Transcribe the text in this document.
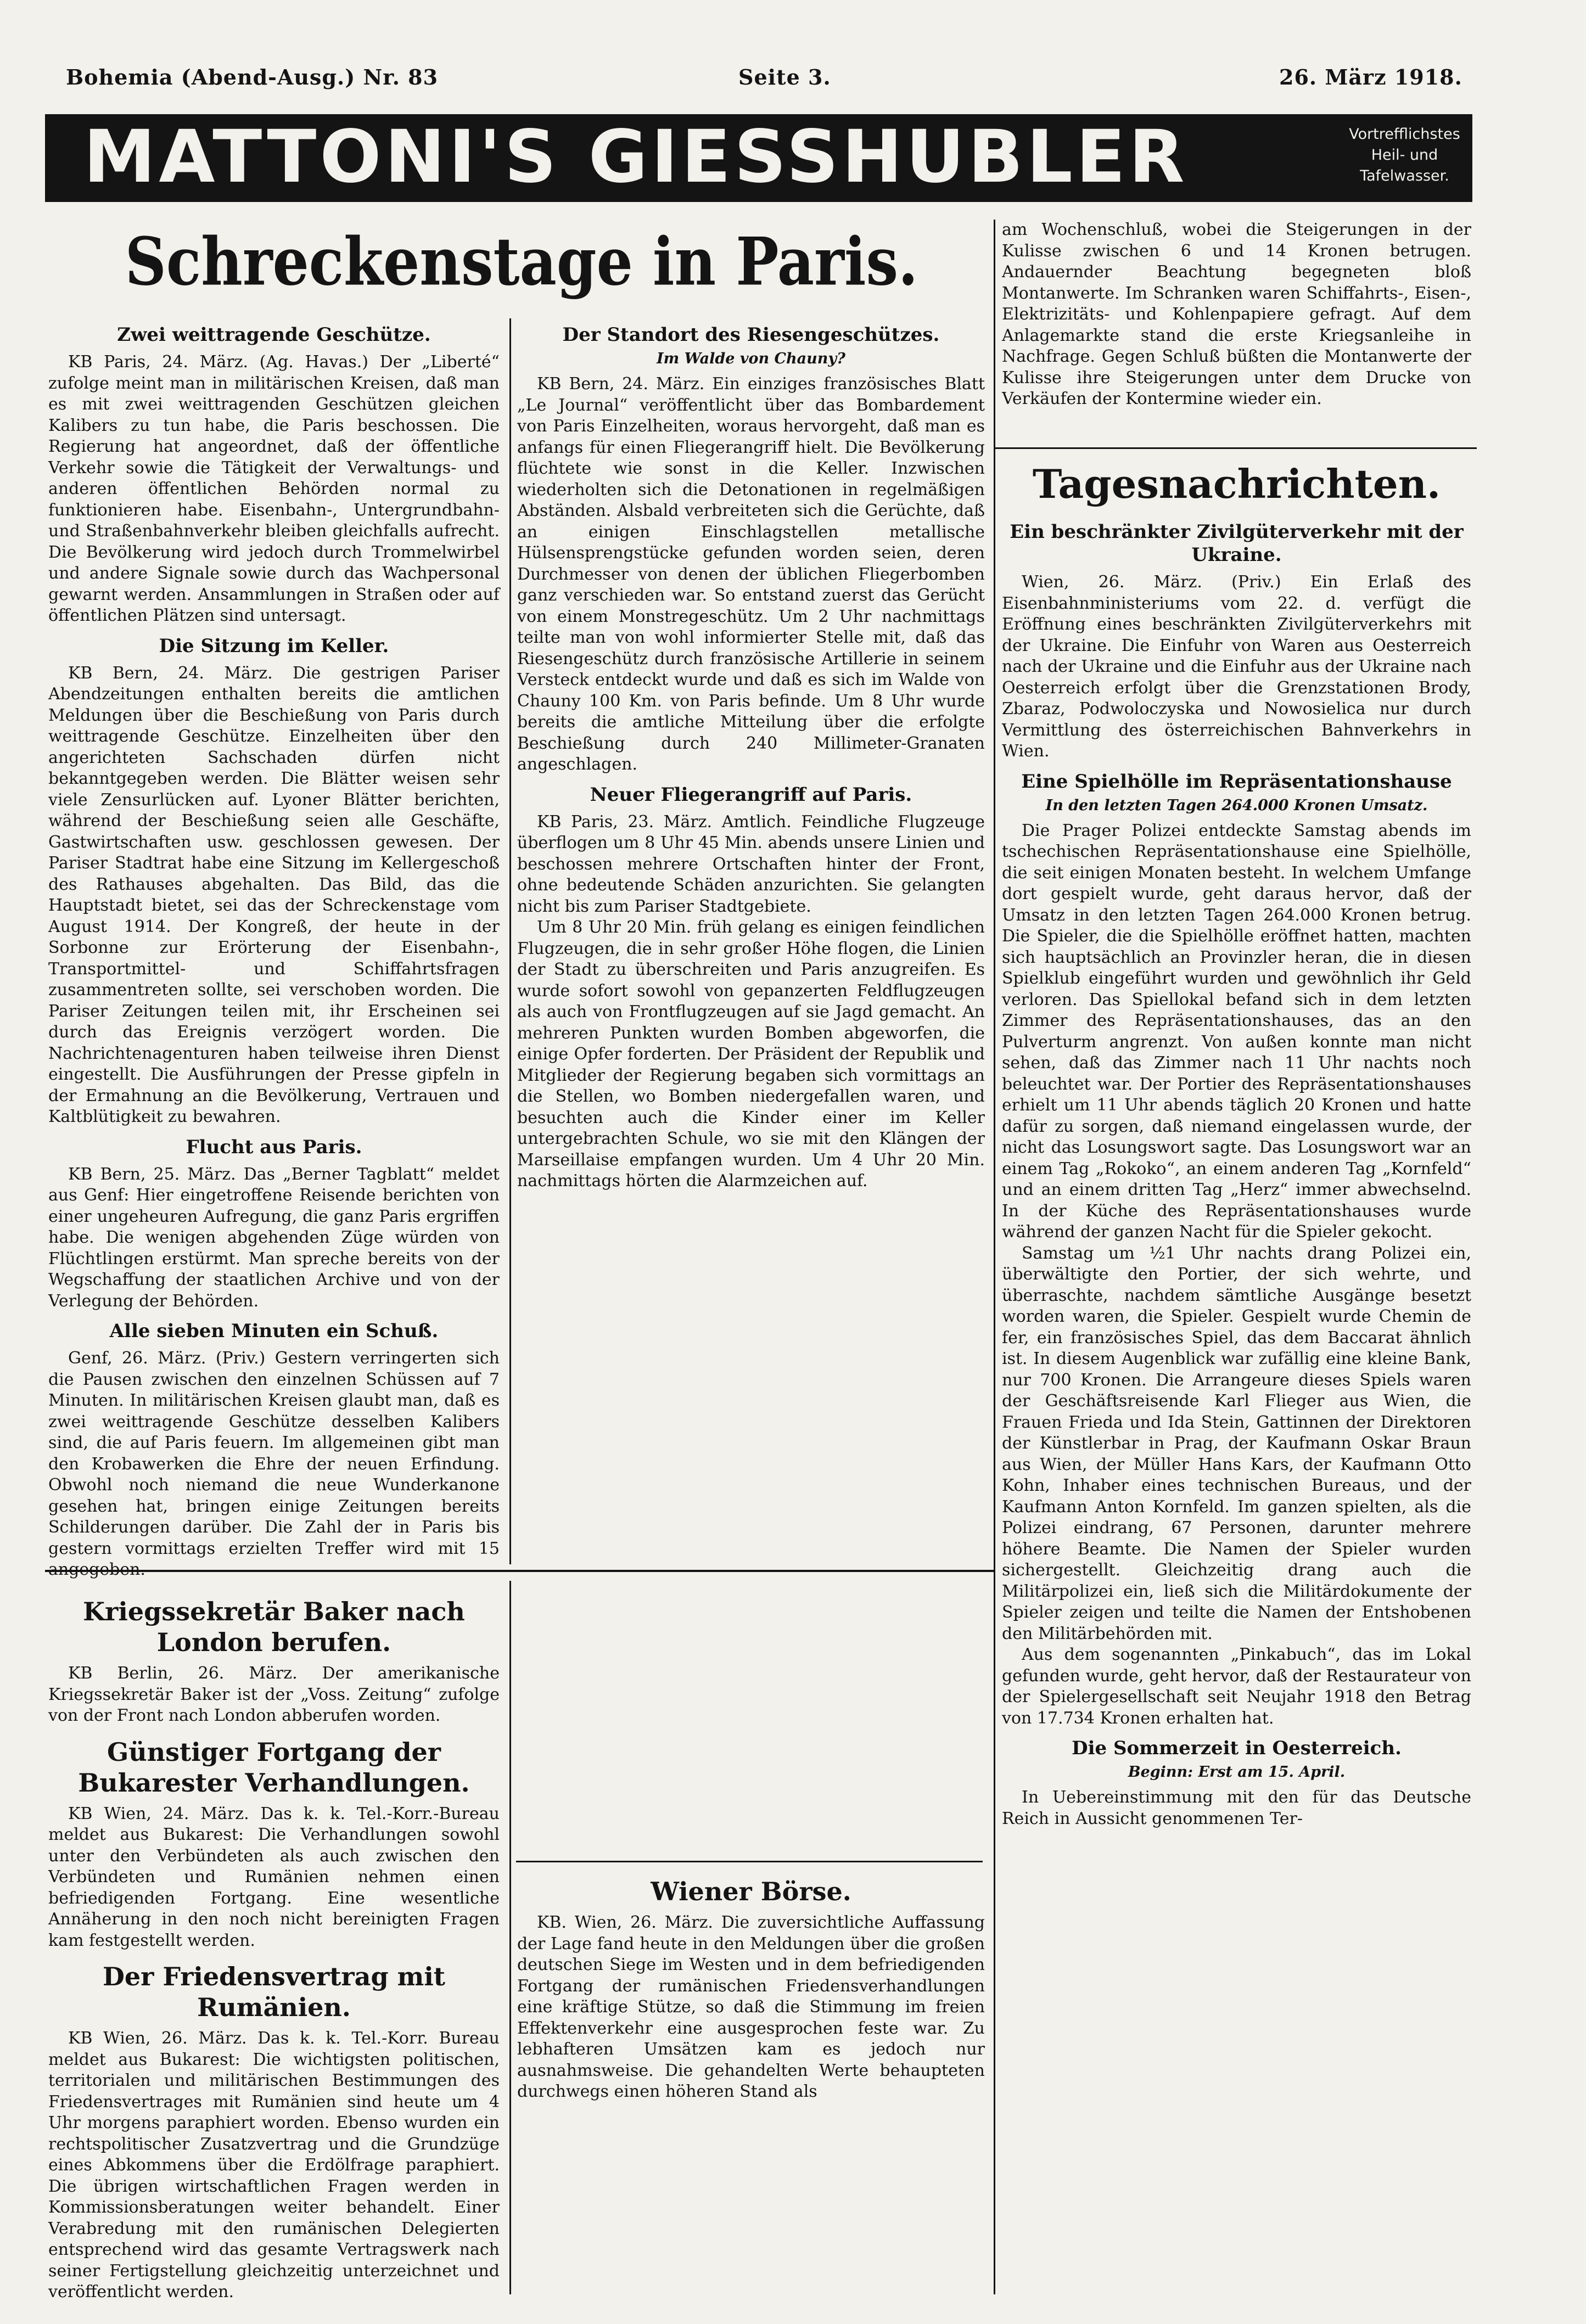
Bohemia (Abend-Ausg.) Nr. 83	Seite 3.	26. März 1918.
MATTONI'S GIESSHUBLER	Vortrefflichstes
Heil- und
Tafelwasser.
Schreckenstage in Paris.
Zwei weittragende Geschütze.

KB Paris, 24. März. (Ag. Havas.) Der „Liberté“ zufolge meint man in militärischen Kreisen, daß man es mit zwei weittragenden Geschützen gleichen Kalibers zu tun habe, die Paris beschossen. Die Regierung hat angeordnet, daß der öffentliche Verkehr sowie die Tätigkeit der Verwaltungs- und anderen öffentlichen Behörden normal zu funktionieren habe. Eisenbahn-, Untergrundbahn- und Straßenbahnverkehr bleiben gleichfalls aufrecht. Die Bevölkerung wird jedoch durch Trommelwirbel und andere Signale sowie durch das Wachpersonal gewarnt werden. Ansammlungen in Straßen oder auf öffentlichen Plätzen sind untersagt.

Die Sitzung im Keller.

KB Bern, 24. März. Die gestrigen Pariser Abendzeitungen enthalten bereits die amtlichen Meldungen über die Beschießung von Paris durch weittragende Geschütze. Einzelheiten über den angerichteten Sachschaden dürfen nicht bekanntgegeben werden. Die Blätter weisen sehr viele Zensurlücken auf. Lyoner Blätter berichten, während der Beschießung seien alle Geschäfte, Gastwirtschaften usw. geschlossen gewesen. Der Pariser Stadtrat habe eine Sitzung im Kellergeschoß des Rathauses abgehalten. Das Bild, das die Hauptstadt bietet, sei das der Schreckenstage vom August 1914. Der Kongreß, der heute in der Sorbonne zur Erörterung der Eisenbahn-, Transportmittel- und Schiffahrtsfragen zusammentreten sollte, sei verschoben worden. Die Pariser Zeitungen teilen mit, ihr Erscheinen sei durch das Ereignis verzögert worden. Die Nachrichtenagenturen haben teilweise ihren Dienst eingestellt. Die Ausführungen der Presse gipfeln in der Ermahnung an die Bevölkerung, Vertrauen und Kaltblütigkeit zu bewahren.

Flucht aus Paris.

KB Bern, 25. März. Das „Berner Tagblatt“ meldet aus Genf: Hier eingetroffene Reisende berichten von einer ungeheuren Aufregung, die ganz Paris ergriffen habe. Die wenigen abgehenden Züge würden von Flüchtlingen erstürmt. Man spreche bereits von der Wegschaffung der staatlichen Archive und von der Verlegung der Behörden.

Alle sieben Minuten ein Schuß.

Genf, 26. März. (Priv.) Gestern verringerten sich die Pausen zwischen den einzelnen Schüssen auf 7 Minuten. In militärischen Kreisen glaubt man, daß es zwei weittragende Geschütze desselben Kalibers sind, die auf Paris feuern. Im allgemeinen gibt man den Krobawerken die Ehre der neuen Erfindung. Obwohl noch niemand die neue Wunderkanone gesehen hat, bringen einige Zeitungen bereits Schilderungen darüber. Die Zahl der in Paris bis gestern vormittags erzielten Treffer wird mit 15 angegeben.

Der Standort des Riesengeschützes.
Im Walde von Chauny?

KB Bern, 24. März. Ein einziges französisches Blatt „Le Journal“ veröffentlicht über das Bombardement von Paris Einzelheiten, woraus hervorgeht, daß man es anfangs für einen Fliegerangriff hielt. Die Bevölkerung flüchtete wie sonst in die Keller. Inzwischen wiederholten sich die Detonationen in regelmäßigen Abständen. Alsbald verbreiteten sich die Gerüchte, daß an einigen Einschlagstellen metallische Hülsensprengstücke gefunden worden seien, deren Durchmesser von denen der üblichen Fliegerbomben ganz verschieden war. So entstand zuerst das Gerücht von einem Monstregeschütz. Um 2 Uhr nachmittags teilte man von wohl informierter Stelle mit, daß das Riesengeschütz durch französische Artillerie in seinem Versteck entdeckt wurde und daß es sich im Walde von Chauny 100 Km. von Paris befinde. Um 8 Uhr wurde bereits die amtliche Mitteilung über die erfolgte Beschießung durch 240 Millimeter-Granaten angeschlagen.

Neuer Fliegerangriff auf Paris.

KB Paris, 23. März. Amtlich. Feindliche Flugzeuge überflogen um 8 Uhr 45 Min. abends unsere Linien und beschossen mehrere Ortschaften hinter der Front, ohne bedeutende Schäden anzurichten. Sie gelangten nicht bis zum Pariser Stadtgebiete.

Um 8 Uhr 20 Min. früh gelang es einigen feindlichen Flugzeugen, die in sehr großer Höhe flogen, die Linien der Stadt zu überschreiten und Paris anzugreifen. Es wurde sofort sowohl von gepanzerten Feldflugzeugen als auch von Frontflugzeugen auf sie Jagd gemacht. An mehreren Punkten wurden Bomben abgeworfen, die einige Opfer forderten. Der Präsident der Republik und Mitglieder der Regierung begaben sich vormittags an die Stellen, wo Bomben niedergefallen waren, und besuchten auch die Kinder einer im Keller untergebrachten Schule, wo sie mit den Klängen der Marseillaise empfangen wurden. Um 4 Uhr 20 Min. nachmittags hörten die Alarmzeichen auf.

am Wochenschluß, wobei die Steigerungen in der Kulisse zwischen 6 und 14 Kronen betrugen. Andauernder Beachtung begegneten bloß Montanwerte. Im Schranken waren Schiffahrts-, Eisen-, Elektrizitäts- und Kohlenpapiere gefragt. Auf dem Anlagemarkte stand die erste Kriegsanleihe in Nachfrage. Gegen Schluß büßten die Montanwerte der Kulisse ihre Steigerungen unter dem Drucke von Verkäufen der Kontermine wieder ein.

Tagesnachrichten.
Ein beschränkter Zivilgüterverkehr mit der Ukraine.

Wien, 26. März. (Priv.) Ein Erlaß des Eisenbahnministeriums vom 22. d. verfügt die Eröffnung eines beschränkten Zivilgüterverkehrs mit der Ukraine. Die Einfuhr von Waren aus Oesterreich nach der Ukraine und die Einfuhr aus der Ukraine nach Oesterreich erfolgt über die Grenzstationen Brody, Zbaraz, Podwoloczyska und Nowosielica nur durch Vermittlung des österreichischen Bahnverkehrs in Wien.

Eine Spielhölle im Repräsentationshause
In den letzten Tagen 264.000 Kronen Umsatz.

Die Prager Polizei entdeckte Samstag abends im tschechischen Repräsentationshause eine Spielhölle, die seit einigen Monaten besteht. In welchem Umfange dort gespielt wurde, geht daraus hervor, daß der Umsatz in den letzten Tagen 264.000 Kronen betrug. Die Spieler, die die Spielhölle eröffnet hatten, machten sich hauptsächlich an Provinzler heran, die in diesen Spielklub eingeführt wurden und gewöhnlich ihr Geld verloren. Das Spiellokal befand sich in dem letzten Zimmer des Repräsentationshauses, das an den Pulverturm angrenzt. Von außen konnte man nicht sehen, daß das Zimmer nach 11 Uhr nachts noch beleuchtet war. Der Portier des Repräsentationshauses erhielt um 11 Uhr abends täglich 20 Kronen und hatte dafür zu sorgen, daß niemand eingelassen wurde, der nicht das Losungswort sagte. Das Losungswort war an einem Tag „Rokoko“, an einem anderen Tag „Kornfeld“ und an einem dritten Tag „Herz“ immer abwechselnd. In der Küche des Repräsentationshauses wurde während der ganzen Nacht für die Spieler gekocht.

Samstag um ½1 Uhr nachts drang Polizei ein, überwältigte den Portier, der sich wehrte, und überraschte, nachdem sämtliche Ausgänge besetzt worden waren, die Spieler. Gespielt wurde Chemin de fer, ein französisches Spiel, das dem Baccarat ähnlich ist. In diesem Augenblick war zufällig eine kleine Bank, nur 700 Kronen. Die Arrangeure dieses Spiels waren der Geschäftsreisende Karl Flieger aus Wien, die Frauen Frieda und Ida Stein, Gattinnen der Direktoren der Künstlerbar in Prag, der Kaufmann Oskar Braun aus Wien, der Müller Hans Kars, der Kaufmann Otto Kohn, Inhaber eines technischen Bureaus, und der Kaufmann Anton Kornfeld. Im ganzen spielten, als die Polizei eindrang, 67 Personen, darunter mehrere höhere Beamte. Die Namen der Spieler wurden sichergestellt. Gleichzeitig drang auch die Militärpolizei ein, ließ sich die Militärdokumente der Spieler zeigen und teilte die Namen der Entshobenen den Militärbehörden mit.

Aus dem sogenannten „Pinkabuch“, das im Lokal gefunden wurde, geht hervor, daß der Restaurateur von der Spielergesellschaft seit Neujahr 1918 den Betrag von 17.734 Kronen erhalten hat.

Die Sommerzeit in Oesterreich.
Beginn: Erst am 15. April.

In Uebereinstimmung mit den für das Deutsche Reich in Aussicht genommenen Ter-

Kriegssekretär Baker nach London berufen.

KB Berlin, 26. März. Der amerikanische Kriegssekretär Baker ist der „Voss. Zeitung“ zufolge von der Front nach London abberufen worden.

Günstiger Fortgang der Bukarester Verhandlungen.

KB Wien, 24. März. Das k. k. Tel.-Korr.-Bureau meldet aus Bukarest: Die Verhandlungen sowohl unter den Verbündeten als auch zwischen den Verbündeten und Rumänien nehmen einen befriedigenden Fortgang. Eine wesentliche Annäherung in den noch nicht bereinigten Fragen kam festgestellt werden.

Der Friedensvertrag mit Rumänien.

KB Wien, 26. März. Das k. k. Tel.-Korr. Bureau meldet aus Bukarest: Die wichtigsten politischen, territorialen und militärischen Bestimmungen des Friedensvertrages mit Rumänien sind heute um 4 Uhr morgens paraphiert worden. Ebenso wurden ein rechtspolitischer Zusatzvertrag und die Grundzüge eines Abkommens über die Erdölfrage paraphiert. Die übrigen wirtschaftlichen Fragen werden in Kommissionsberatungen weiter behandelt. Einer Verabredung mit den rumänischen Delegierten entsprechend wird das gesamte Vertragswerk nach seiner Fertigstellung gleichzeitig unterzeichnet und veröffentlicht werden.

Wiener Börse.

KB. Wien, 26. März. Die zuversichtliche Auffassung der Lage fand heute in den Meldungen über die großen deutschen Siege im Westen und in dem befriedigenden Fortgang der rumänischen Friedensverhandlungen eine kräftige Stütze, so daß die Stimmung im freien Effektenverkehr eine ausgesprochen feste war. Zu lebhafteren Umsätzen kam es jedoch nur ausnahmsweise. Die gehandelten Werte behaupteten durchwegs einen höheren Stand als
